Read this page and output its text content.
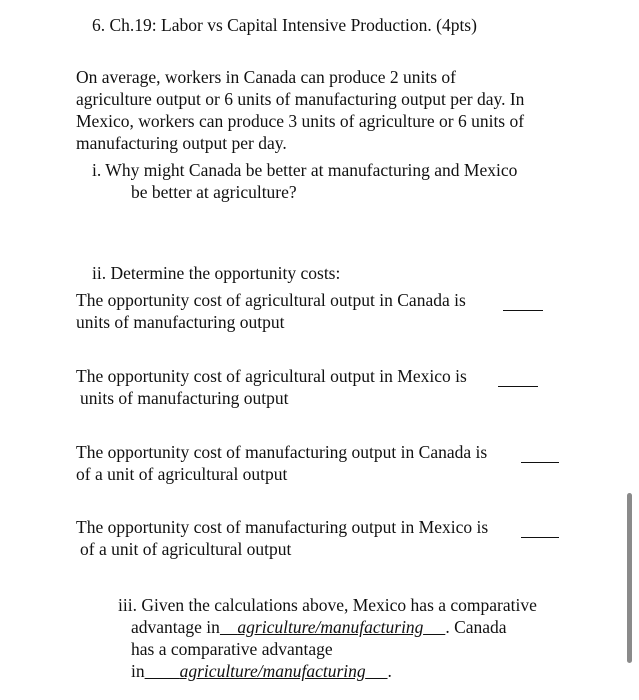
6. Ch.19: Labor vs Capital Intensive Production. (4pts)
On average, workers in Canada can produce 2 units of
agriculture output or 6 units of manufacturing output per day. In
Mexico, workers can produce 3 units of agriculture or 6 units of
manufacturing output per day.
i. Why might Canada be better at manufacturing and Mexico
be better at agriculture?
ii. Determine the opportunity costs:
The opportunity cost of agricultural output in Canada is
units of manufacturing output
The opportunity cost of agricultural output in Mexico is
units of manufacturing output
The opportunity cost of manufacturing output in Canada is
of a unit of agricultural output
The opportunity cost of manufacturing output in Mexico is
of a unit of agricultural output
iii. Given the calculations above, Mexico has a comparative
advantage in agriculture/manufacturing . Canada
has a comparative advantage
in agriculture/manufacturing .
